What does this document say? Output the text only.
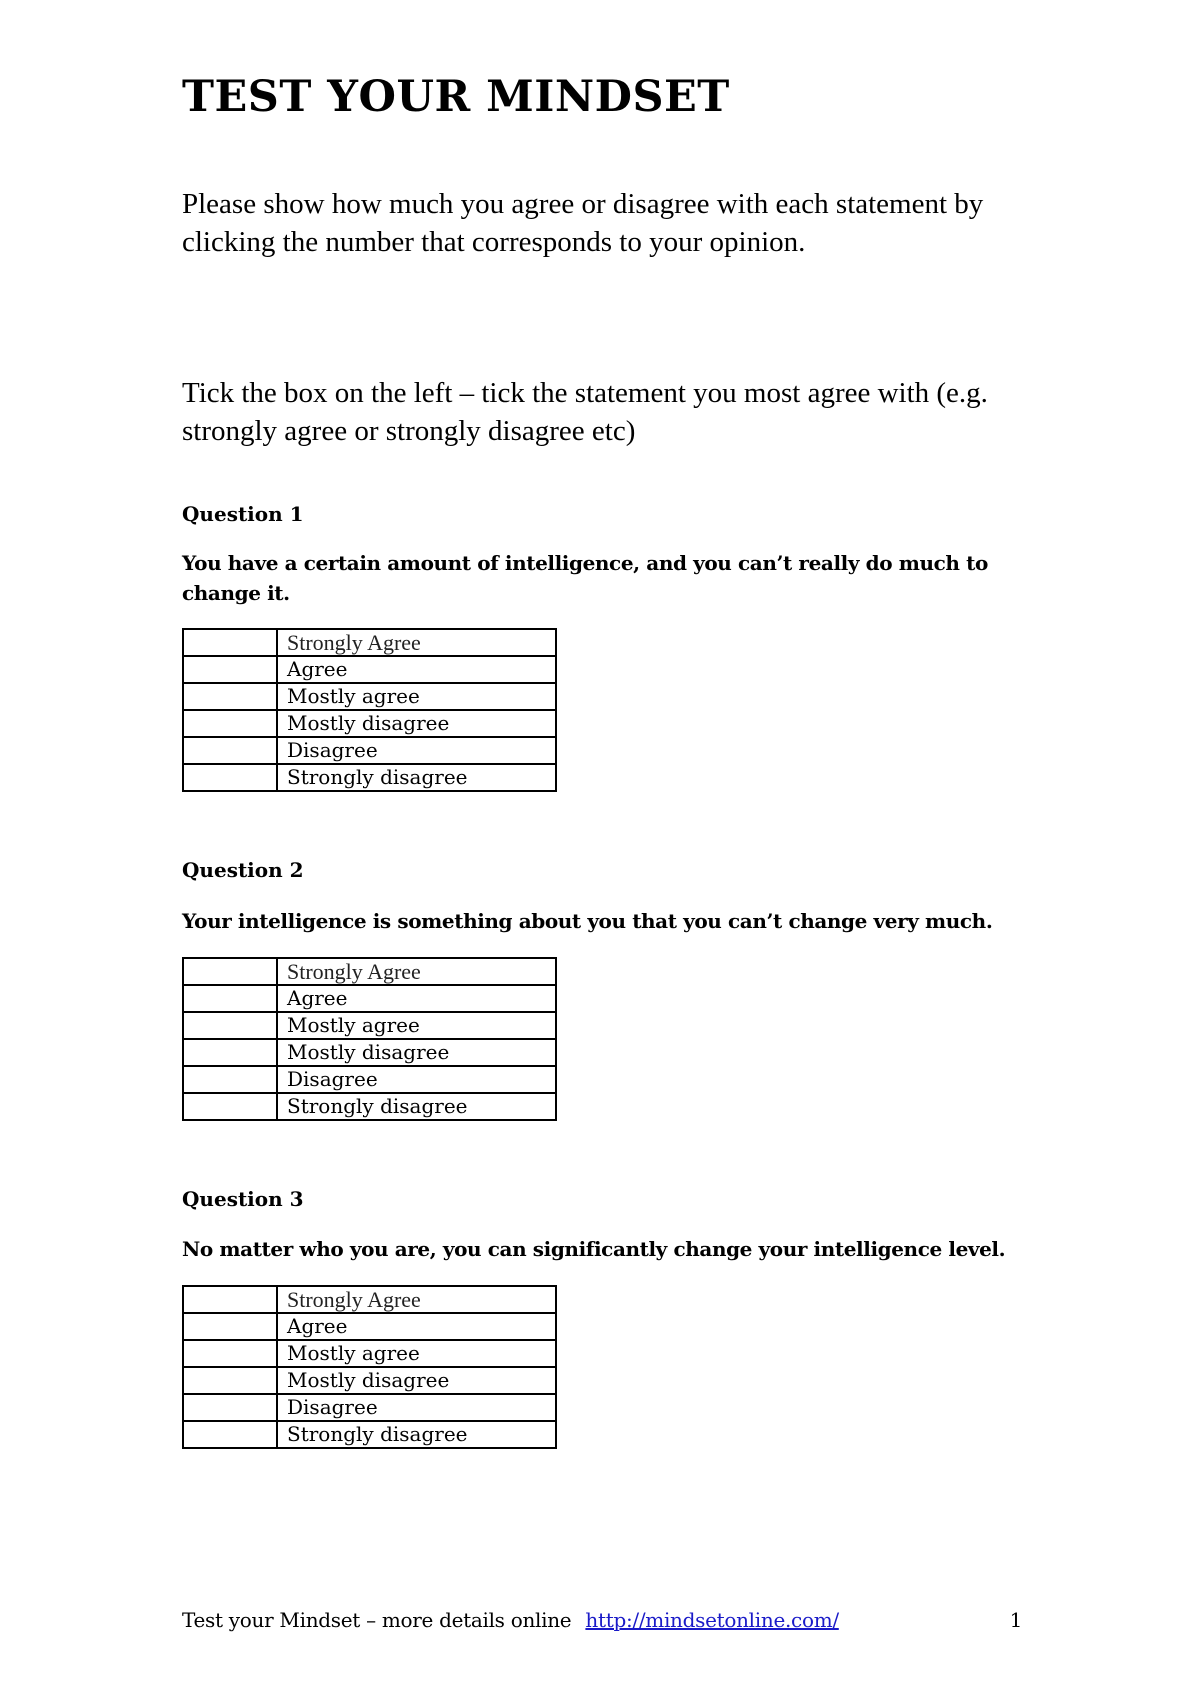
TEST YOUR MINDSET

Please show how much you agree or disagree with each statement by clicking the number that corresponds to your opinion.

Tick the box on the left – tick the statement you most agree with (e.g. strongly agree or strongly disagree etc)

Question 1
You have a certain amount of intelligence, and you can’t really do much to change it.
	Strongly Agree
	Agree
	Mostly agree
	Mostly disagree
	Disagree
	Strongly disagree
Question 2
Your intelligence is something about you that you can’t change very much.
	Strongly Agree
	Agree
	Mostly agree
	Mostly disagree
	Disagree
	Strongly disagree
Question 3
No matter who you are, you can significantly change your intelligence level.
	Strongly Agree
	Agree
	Mostly agree
	Mostly disagree
	Disagree
	Strongly disagree
Test your Mindset – more details online http://mindsetonline.com/	1
